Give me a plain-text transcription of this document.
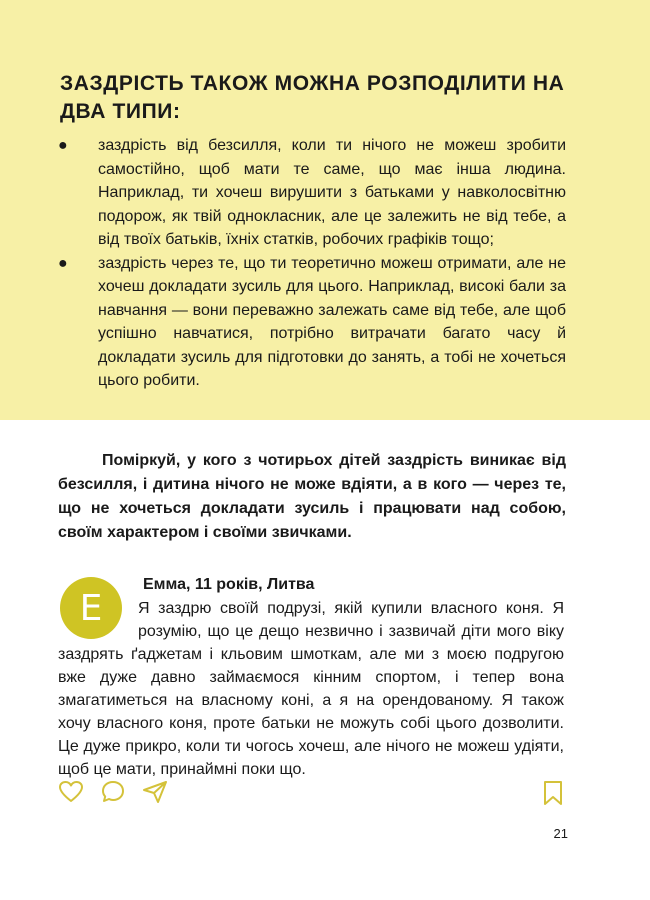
ЗАЗДРІСТЬ ТАКОЖ МОЖНА РОЗПОДІЛИТИ НА ДВА ТИПИ:
● заздрість від безсилля, коли ти нічого не можеш зробити самостійно, щоб мати те саме, що має інша людина. Наприклад, ти хочеш вирушити з батьками у навколосвітню подорож, як твій однокласник, але це залежить не від тебе, а від твоїх батьків, їхніх статків, робочих графіків тощо;
● заздрість через те, що ти теоретично можеш отримати, але не хочеш докладати зусиль для цього. Наприклад, високі бали за навчання — вони переважно залежать саме від тебе, але щоб успішно навчатися, потрібно витрачати багато часу й докладати зусиль для підготовки до занять, а тобі не хочеться цього робити.

Поміркуй, у кого з чотирьох дітей заздрість виникає від безсилля, і дитина нічого не може вдіяти, а в кого — через те, що не хочеться докладати зусиль і працювати над собою, своїм характером і своїми звичками.

E

Емма, 11 років, Литва

Я заздрю своїй подрузі, якій купили власного коня. Я розумію, що це дещо незвично і зазвичай діти мого віку заздрять ґаджетам і кльовим шмоткам, але ми з моєю подругою вже дуже давно займаємося кінним спортом, і тепер вона змагатиметься на власному коні, а я на орендованому. Я також хочу власного коня, проте батьки не можуть собі цього дозволити. Це дуже прикро, коли ти чогось хочеш, але нічого не можеш удіяти, щоб це мати, принаймні поки що.

21
